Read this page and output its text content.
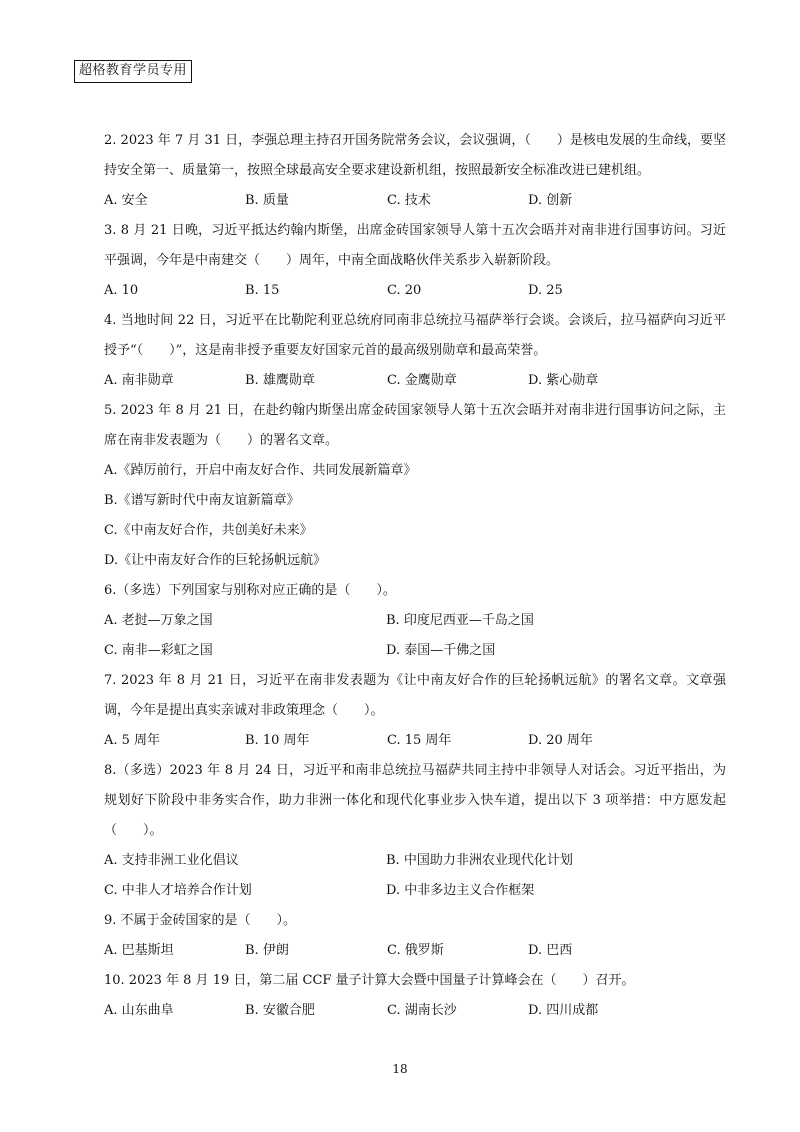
超格教育学员专用

2. 2023 年 7 月 31 日，李强总理主持召开国务院常务会议，会议强调，（　　）是核电发展的生命线，要坚持安全第一、质量第一，按照全球最高安全要求建设新机组，按照最新安全标准改进已建机组。

A. 安全	B. 质量	C. 技术	D. 创新

3. 8 月 21 日晚，习近平抵达约翰内斯堡，出席金砖国家领导人第十五次会晤并对南非进行国事访问。习近平强调，今年是中南建交（　　）周年，中南全面战略伙伴关系步入崭新阶段。

A. 10	B. 15	C. 20	D. 25

4. 当地时间 22 日，习近平在比勒陀利亚总统府同南非总统拉马福萨举行会谈。会谈后，拉马福萨向习近平授予“（　　）”，这是南非授予重要友好国家元首的最高级别勋章和最高荣誉。

A. 南非勋章	B. 雄鹰勋章	C. 金鹰勋章	D. 紫心勋章

5. 2023 年 8 月 21 日，在赴约翰内斯堡出席金砖国家领导人第十五次会晤并对南非进行国事访问之际，主席在南非发表题为（　　）的署名文章。

A.《踔厉前行，开启中南友好合作、共同发展新篇章》
B.《谱写新时代中南友谊新篇章》
C.《中南友好合作，共创美好未来》
D.《让中南友好合作的巨轮扬帆远航》

6.（多选）下列国家与别称对应正确的是（　　）。

A. 老挝—万象之国	B. 印度尼西亚—千岛之国
C. 南非—彩虹之国	D. 泰国—千佛之国

7. 2023 年 8 月 21 日，习近平在南非发表题为《让中南友好合作的巨轮扬帆远航》的署名文章。文章强调，今年是提出真实亲诚对非政策理念（　　）。

A. 5 周年	B. 10 周年	C. 15 周年	D. 20 周年

8.（多选）2023 年 8 月 24 日，习近平和南非总统拉马福萨共同主持中非领导人对话会。习近平指出，为规划好下阶段中非务实合作，助力非洲一体化和现代化事业步入快车道，提出以下 3 项举措：中方愿发起（　　）。

A. 支持非洲工业化倡议	B. 中国助力非洲农业现代化计划
C. 中非人才培养合作计划	D. 中非多边主义合作框架

9. 不属于金砖国家的是（　　）。

A. 巴基斯坦	B. 伊朗	C. 俄罗斯	D. 巴西

10. 2023 年 8 月 19 日，第二届 CCF 量子计算大会暨中国量子计算峰会在（　　）召开。

A. 山东曲阜	B. 安徽合肥	C. 湖南长沙	D. 四川成都
18
